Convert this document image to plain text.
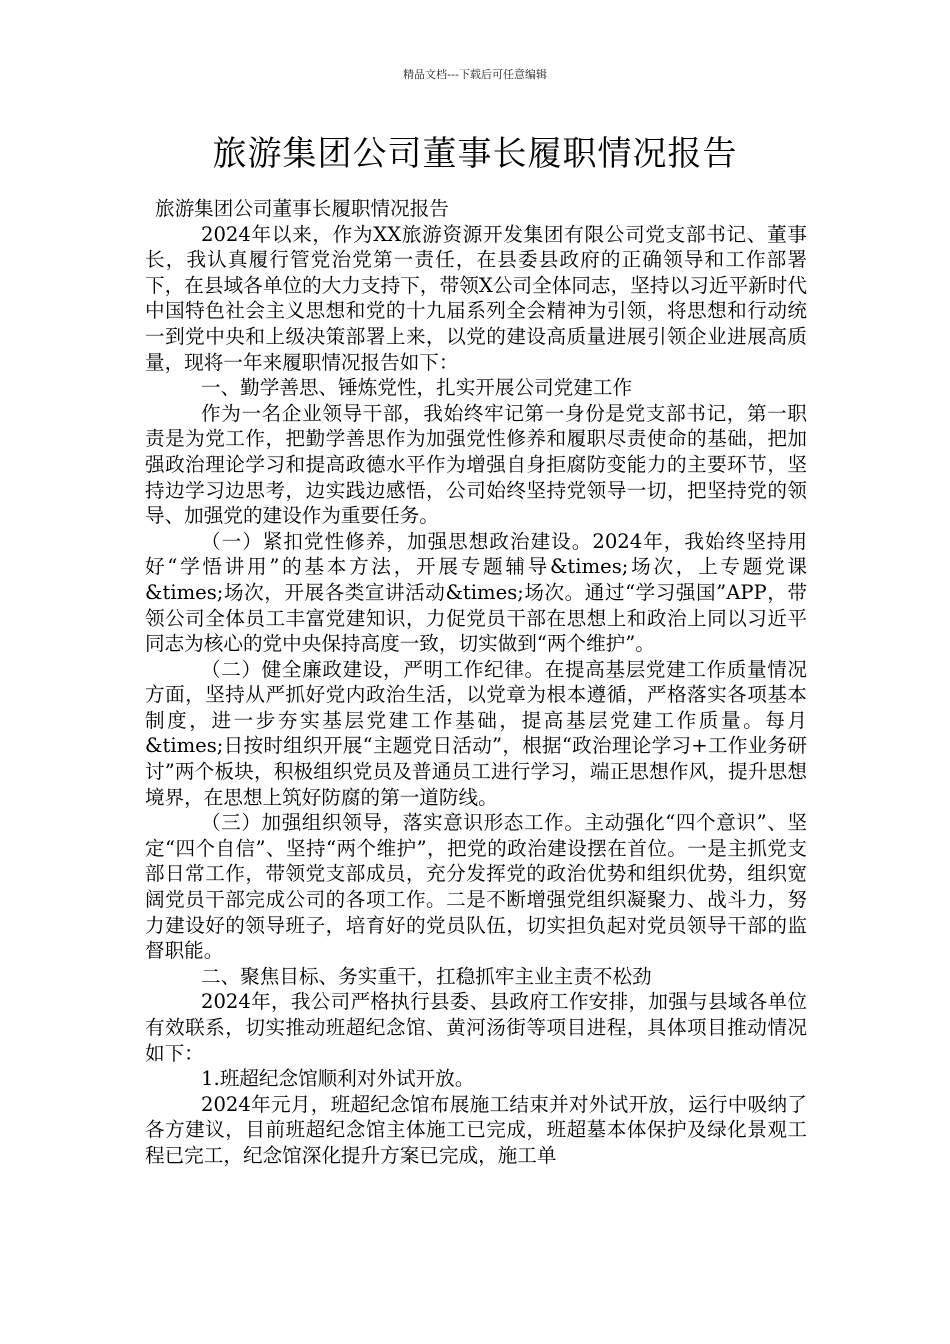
精品文档---下载后可任意编辑
旅游集团公司董事长履职情况报告

旅游集团公司董事长履职情况报告

2024年以来，作为XX旅游资源开发集团有限公司党支部书记、董事长，我认真履行管党治党第一责任，在县委县政府的正确领导和工作部署下，在县域各单位的大力支持下，带领X公司全体同志，坚持以习近平新时代中国特色社会主义思想和党的十九届系列全会精神为引领，将思想和行动统一到党中央和上级决策部署上来，以党的建设高质量进展引领企业进展高质量，现将一年来履职情况报告如下：

一、勤学善思、锤炼党性，扎实开展公司党建工作

作为一名企业领导干部，我始终牢记第一身份是党支部书记，第一职责是为党工作，把勤学善思作为加强党性修养和履职尽责使命的基础，把加强政治理论学习和提高政德水平作为增强自身拒腐防变能力的主要环节，坚持边学习边思考，边实践边感悟，公司始终坚持党领导一切，把坚持党的领导、加强党的建设作为重要任务。

（一）紧扣党性修养，加强思想政治建设。2024年，我始终坚持用好“学悟讲用”的基本方法，开展专题辅导&times;场次，上专题党课&times;场次，开展各类宣讲活动&times;场次。通过“学习强国”APP，带领公司全体员工丰富党建知识，力促党员干部在思想上和政治上同以习近平同志为核心的党中央保持高度一致，切实做到“两个维护”。

（二）健全廉政建设，严明工作纪律。在提高基层党建工作质量情况方面，坚持从严抓好党内政治生活，以党章为根本遵循，严格落实各项基本制度，进一步夯实基层党建工作基础，提高基层党建工作质量。每月&times;日按时组织开展“主题党日活动”，根据“政治理论学习+工作业务研讨”两个板块，积极组织党员及普通员工进行学习，端正思想作风，提升思想境界，在思想上筑好防腐的第一道防线。

（三）加强组织领导，落实意识形态工作。主动强化“四个意识”、坚定“四个自信”、坚持“两个维护”，把党的政治建设摆在首位。一是主抓党支部日常工作，带领党支部成员，充分发挥党的政治优势和组织优势，组织宽阔党员干部完成公司的各项工作。二是不断增强党组织凝聚力、战斗力，努力建设好的领导班子，培育好的党员队伍，切实担负起对党员领导干部的监督职能。

二、聚焦目标、务实重干，扛稳抓牢主业主责不松劲

2024年，我公司严格执行县委、县政府工作安排，加强与县域各单位有效联系，切实推动班超纪念馆、黄河汤街等项目进程，具体项目推动情况如下：

1.班超纪念馆顺利对外试开放。

2024年元月，班超纪念馆布展施工结束并对外试开放，运行中吸纳了各方建议，目前班超纪念馆主体施工已完成，班超墓本体保护及绿化景观工程已完工，纪念馆深化提升方案已完成，施工单
